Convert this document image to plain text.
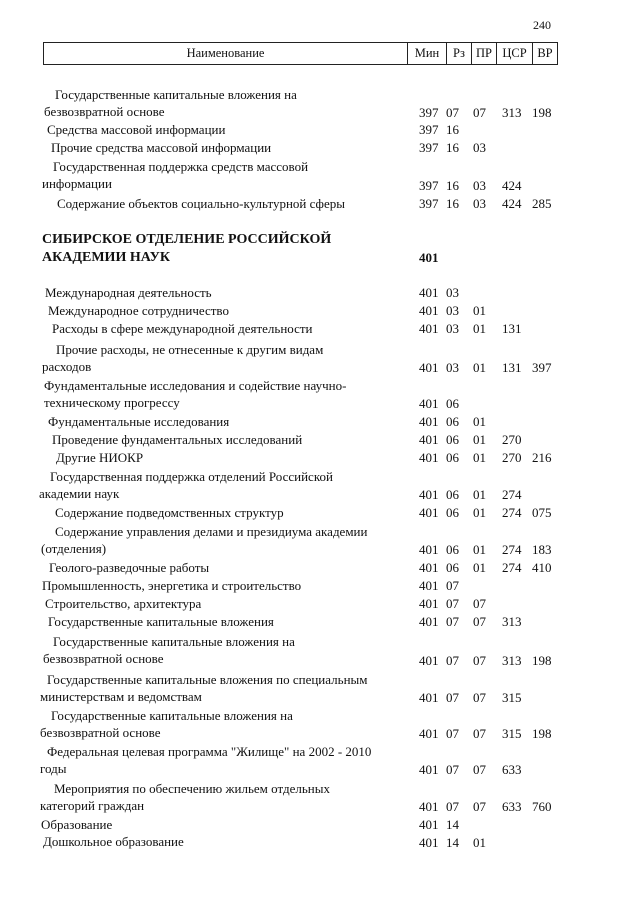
240
Наименование	Мин	Рз ПР ЦСР ВР
Государственные капитальные вложения на
безвозвратной основе	397 07 07 313 198
Средства массовой информации	397 16
Прочие средства массовой информации	397 16 03
Государственная поддержка средств массовой
информации	397 16 03 424
Содержание объектов социально-культурной сферы	397 16 03 424 285
СИБИРСКОЕ ОТДЕЛЕНИЕ РОССИЙСКОЙ
АКАДЕМИИ НАУК	401
Международная деятельность	401 03
Международное сотрудничество	401 03 01
Расходы в сфере международной деятельности	401 03 01 131
Прочие расходы, не отнесенные к другим видам
расходов	401 03 01 131 397
Фундаментальные исследования и содействие научно-
техническому прогрессу	401 06
Фундаментальные исследования	401 06 01
Проведение фундаментальных исследований	401 06 01 270
Другие НИОКР	401 06 01 270 216
Государственная поддержка отделений Российской
академии наук	401 06 01 274
Содержание подведомственных структур	401 06 01 274 075
Содержание управления делами и президиума академии
(отделения)	401 06 01 274 183
Геолого-разведочные работы	401 06 01 274 410
Промышленность, энергетика и строительство	401 07
Строительство, архитектура	401 07 07
Государственные капитальные вложения	401 07 07 313
Государственные капитальные вложения на
безвозвратной основе	401 07 07 313 198
Государственные капитальные вложения по специальным
министерствам и ведомствам	401 07 07 315
Государственные капитальные вложения на
безвозвратной основе	401 07 07 315 198
Федеральная целевая программа "Жилище" на 2002 - 2010
годы	401 07 07 633
Мероприятия по обеспечению жильем отдельных
категорий граждан	401 07 07 633 760
Образование	401 14
Дошкольное образование	401 14 01
